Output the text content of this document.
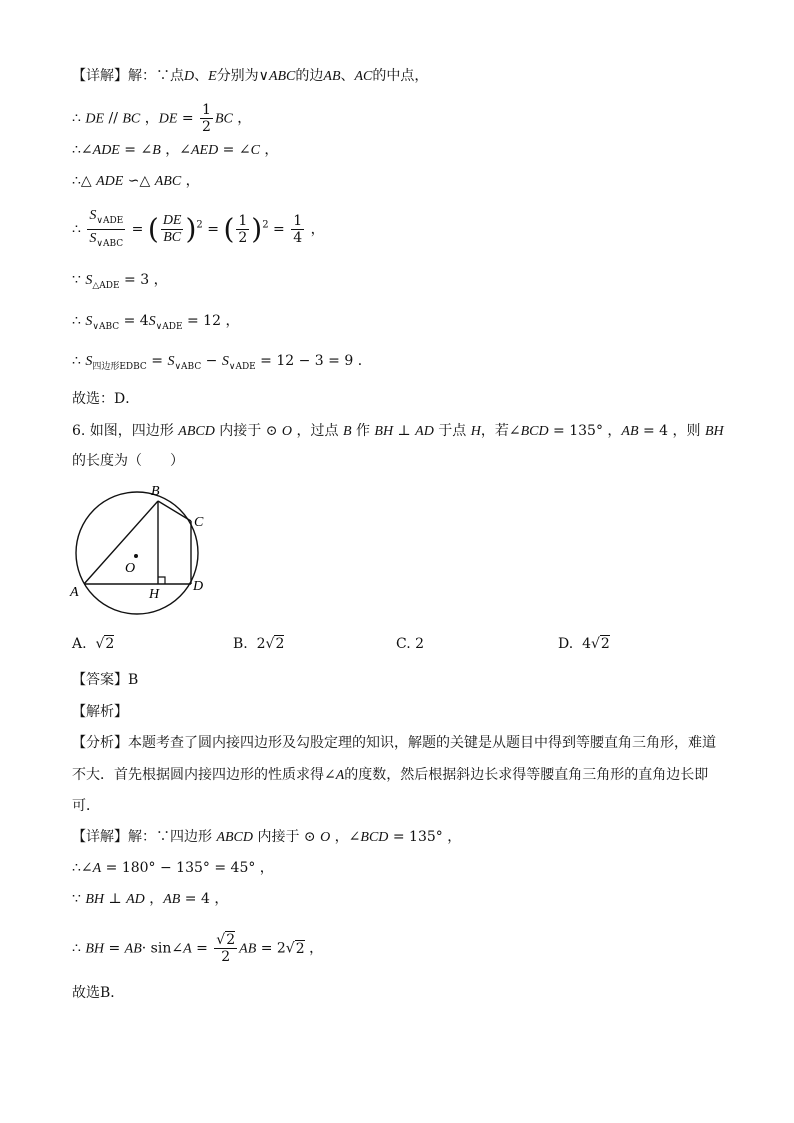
【详解】解：∵点D、E分别为∨ABC的边AB、AC的中点，
∴ DE // BC ，DE = $\frac{1}{2}$ BC ，
∴∠ADE = ∠B ，∠AED = ∠C ，
∴△ ADE ∽△ ABC ，
∴ $\frac{S_{\vee ADE}}{S_{\vee ABC}}$ = ( $\frac{DE}{BC} )^2$ = ( $\frac{1}{2} )^2 = \frac{1}{4}$ ，
∵ $S_{\triangle ADE} = 3$ ，
∴ $S_{\vee ABC} = 4S_{\vee ADE} = 12$ ，
∴ $S_{四边形EDBC} = S_{\vee ABC} - S_{\vee ADE} = 12 - 3 = 9$ ．
故选：D．
6. 如图，四边形 ABCD 内接于 ⊙ O ，过点 B 作 BH ⊥ AD 于点 H，若∠BCD = 135° ，AB = 4 ，则 BH
的长度为（　　）
B
C
D
A	H
O
A.  √2	B.  2√2	C. 2	D.  4√2
【答案】B
【解析】
【分析】本题考查了圆内接四边形及勾股定理的知识，解题的关键是从题目中得到等腰直角三角形，难道
不大．首先根据圆内接四边形的性质求得∠A的度数，然后根据斜边长求得等腰直角三角形的直角边长即
可．
【详解】解：∵四边形 ABCD 内接于 ⊙ O ，∠BCD = 135° ，
∴∠A = 180° − 135° = 45° ，
∵ BH ⊥ AD ，AB = 4 ，
∴ BH = AB· sin∠A = $\frac{√2}{2}$ AB = 2√2 ，
故选B．
